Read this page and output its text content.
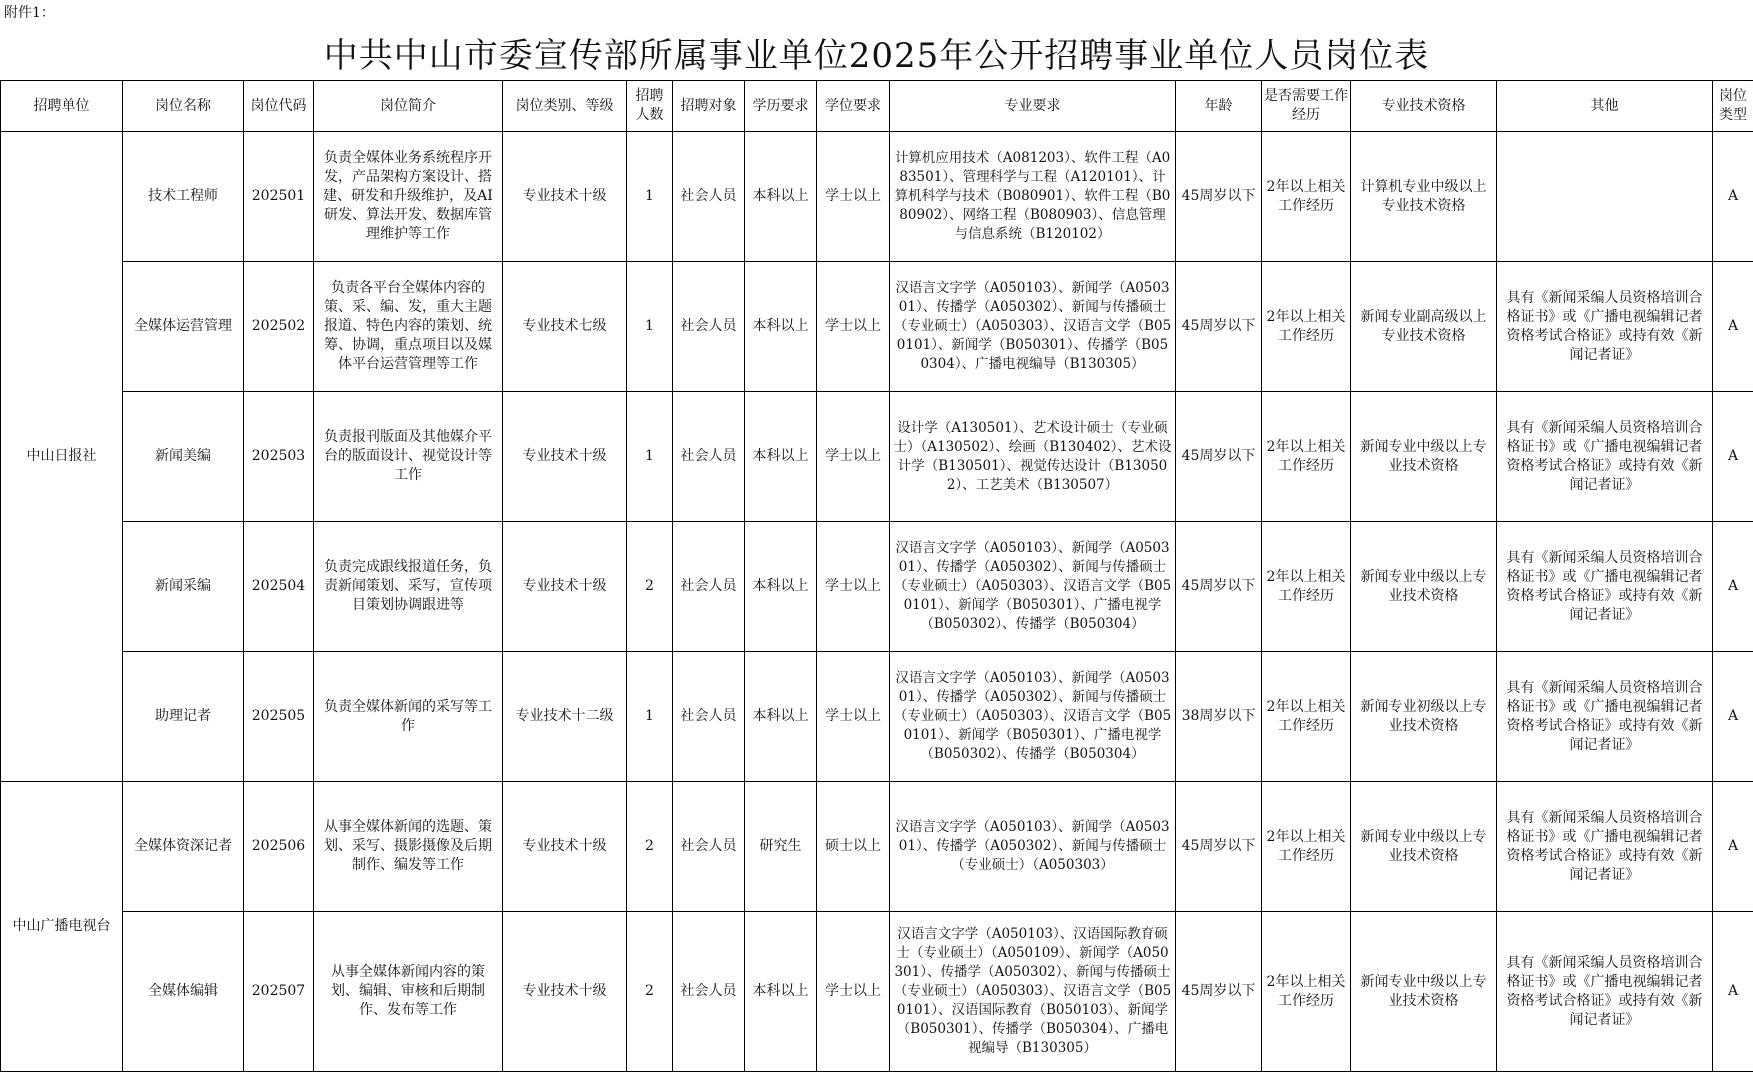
附件1：
中共中山市委宣传部所属事业单位2025年公开招聘事业单位人员岗位表
招聘单位	岗位名称	岗位代码	岗位简介	岗位类别、等级	招聘人数	招聘对象	学历要求	学位要求	专业要求	年龄	是否需要工作经历	专业技术资格	其他	岗位类型
中山日报社	技术工程师	202501	负责全媒体业务系统程序开发，产品架构方案设计、搭建、研发和升级维护，及AI研发、算法开发、数据库管理维护等工作	专业技术十级	1	社会人员	本科以上	学士以上	计算机应用技术（A081203）、软件工程（A083501）、管理科学与工程（A120101）、计算机科学与技术（B080901）、软件工程（B080902）、网络工程（B080903）、信息管理与信息系统（B120102）	45周岁以下	2年以上相关工作经历	计算机专业中级以上专业技术资格		A
	全媒体运营管理	202502	负责各平台全媒体内容的策、采、编、发，重大主题报道、特色内容的策划、统筹、协调，重点项目以及媒体平台运营管理等工作	专业技术七级	1	社会人员	本科以上	学士以上	汉语言文字学（A050103）、新闻学（A050301）、传播学（A050302）、新闻与传播硕士（专业硕士）（A050303）、汉语言文学（B050101）、新闻学（B050301）、传播学（B050304）、广播电视编导（B130305）	45周岁以下	2年以上相关工作经历	新闻专业副高级以上专业技术资格	具有《新闻采编人员资格培训合格证书》或《广播电视编辑记者资格考试合格证》或持有效《新闻记者证》	A
	新闻美编	202503	负责报刊版面及其他媒介平台的版面设计、视觉设计等工作	专业技术十级	1	社会人员	本科以上	学士以上	设计学（A130501）、艺术设计硕士（专业硕士）（A130502）、绘画（B130402）、艺术设计学（B130501）、视觉传达设计（B130502）、工艺美术（B130507）	45周岁以下	2年以上相关工作经历	新闻专业中级以上专业技术资格	具有《新闻采编人员资格培训合格证书》或《广播电视编辑记者资格考试合格证》或持有效《新闻记者证》	A
	新闻采编	202504	负责完成跟线报道任务，负责新闻策划、采写，宣传项目策划协调跟进等	专业技术十级	2	社会人员	本科以上	学士以上	汉语言文字学（A050103）、新闻学（A050301）、传播学（A050302）、新闻与传播硕士（专业硕士）（A050303）、汉语言文学（B050101）、新闻学（B050301）、广播电视学（B050302）、传播学（B050304）	45周岁以下	2年以上相关工作经历	新闻专业中级以上专业技术资格	具有《新闻采编人员资格培训合格证书》或《广播电视编辑记者资格考试合格证》或持有效《新闻记者证》	A
	助理记者	202505	负责全媒体新闻的采写等工作	专业技术十二级	1	社会人员	本科以上	学士以上	汉语言文字学（A050103）、新闻学（A050301）、传播学（A050302）、新闻与传播硕士（专业硕士）（A050303）、汉语言文学（B050101）、新闻学（B050301）、广播电视学（B050302）、传播学（B050304）	38周岁以下	2年以上相关工作经历	新闻专业初级以上专业技术资格	具有《新闻采编人员资格培训合格证书》或《广播电视编辑记者资格考试合格证》或持有效《新闻记者证》	A
中山广播电视台	全媒体资深记者	202506	从事全媒体新闻的选题、策划、采写、摄影摄像及后期制作、编发等工作	专业技术十级	2	社会人员	研究生	硕士以上	汉语言文字学（A050103）、新闻学（A050301）、传播学（A050302）、新闻与传播硕士（专业硕士）（A050303）	45周岁以下	2年以上相关工作经历	新闻专业中级以上专业技术资格	具有《新闻采编人员资格培训合格证书》或《广播电视编辑记者资格考试合格证》或持有效《新闻记者证》	A
	全媒体编辑	202507	从事全媒体新闻内容的策划、编辑、审核和后期制作、发布等工作	专业技术十级	2	社会人员	本科以上	学士以上	汉语言文字学（A050103）、汉语国际教育硕士（专业硕士）（A050109）、新闻学（A050301）、传播学（A050302）、新闻与传播硕士（专业硕士）（A050303）、汉语言文学（B050101）、汉语国际教育（B050103）、新闻学（B050301）、传播学（B050304）、广播电视编导（B130305）	45周岁以下	2年以上相关工作经历	新闻专业中级以上专业技术资格	具有《新闻采编人员资格培训合格证书》或《广播电视编辑记者资格考试合格证》或持有效《新闻记者证》	A
